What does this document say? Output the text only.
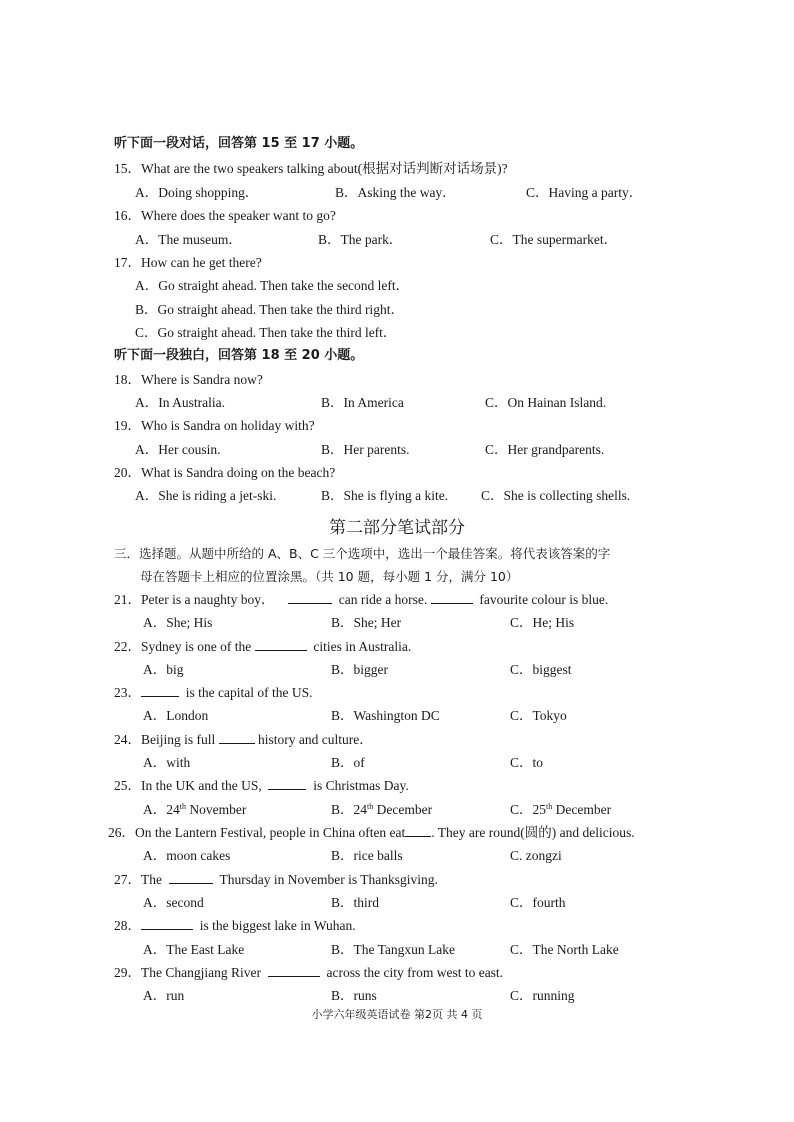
听下面一段对话，回答第 15 至 17 小题。
15．What are the two speakers talking about(根据对话判断对话场景)?
A．Doing shopping．	B．Asking the way．	C．Having a party．
16．Where does the speaker want to go?
A．The museum．	B．The park．	C．The supermarket．
17．How can he get there?
A．Go straight ahead. Then take the second left．
B．Go straight ahead. Then take the third right．
C．Go straight ahead. Then take the third left．
听下面一段独白，回答第 18 至 20 小题。
18．Where is Sandra now?
A．In Australia.	B．In America	C．On Hainan Island.
19．Who is Sandra on holiday with?
A．Her cousin.	B．Her parents.	C．Her grandparents.
20．What is Sandra doing on the beach?
A．She is riding a jet-ski.	B．She is flying a kite. C．She is collecting shells.
第二部分笔试部分
三．选择题。从题中所给的 A、B、C 三个选项中，选出一个最佳答案。将代表该答案的字
母在答题卡上相应的位置涂黑。（共 10 题，每小题 1 分，满分 10）
21．Peter is a naughty boy．	can ride a horse.	favourite colour is blue.
A．She; His	B．She; Her	C．He; His
22．Sydney is one of the	cities in Australia.
A．big	B．bigger	C．biggest
23．	is the capital of the US.
A．London	B．Washington DC	C．Tokyo
24．Beijing is full	history and culture．
A．with	B．of	C．to
25．In the UK and the US,	is Christmas Day.
A．24th November	B．24th December	C．25th December
26．On the Lantern Festival, people in China often eat . They are round(圆的) and delicious.
A．moon cakes	B．rice balls	C. zongzi
27．The	Thursday in November is Thanksgiving.
A．second	B．third	C．fourth
28．	is the biggest lake in Wuhan.
A．The East Lake	B．The Tangxun Lake	C．The North Lake
29．The Changjiang River	across the city from west to east.
A．run	B．runs	C．running
小学六年级英语试卷 第2页 共 4 页
